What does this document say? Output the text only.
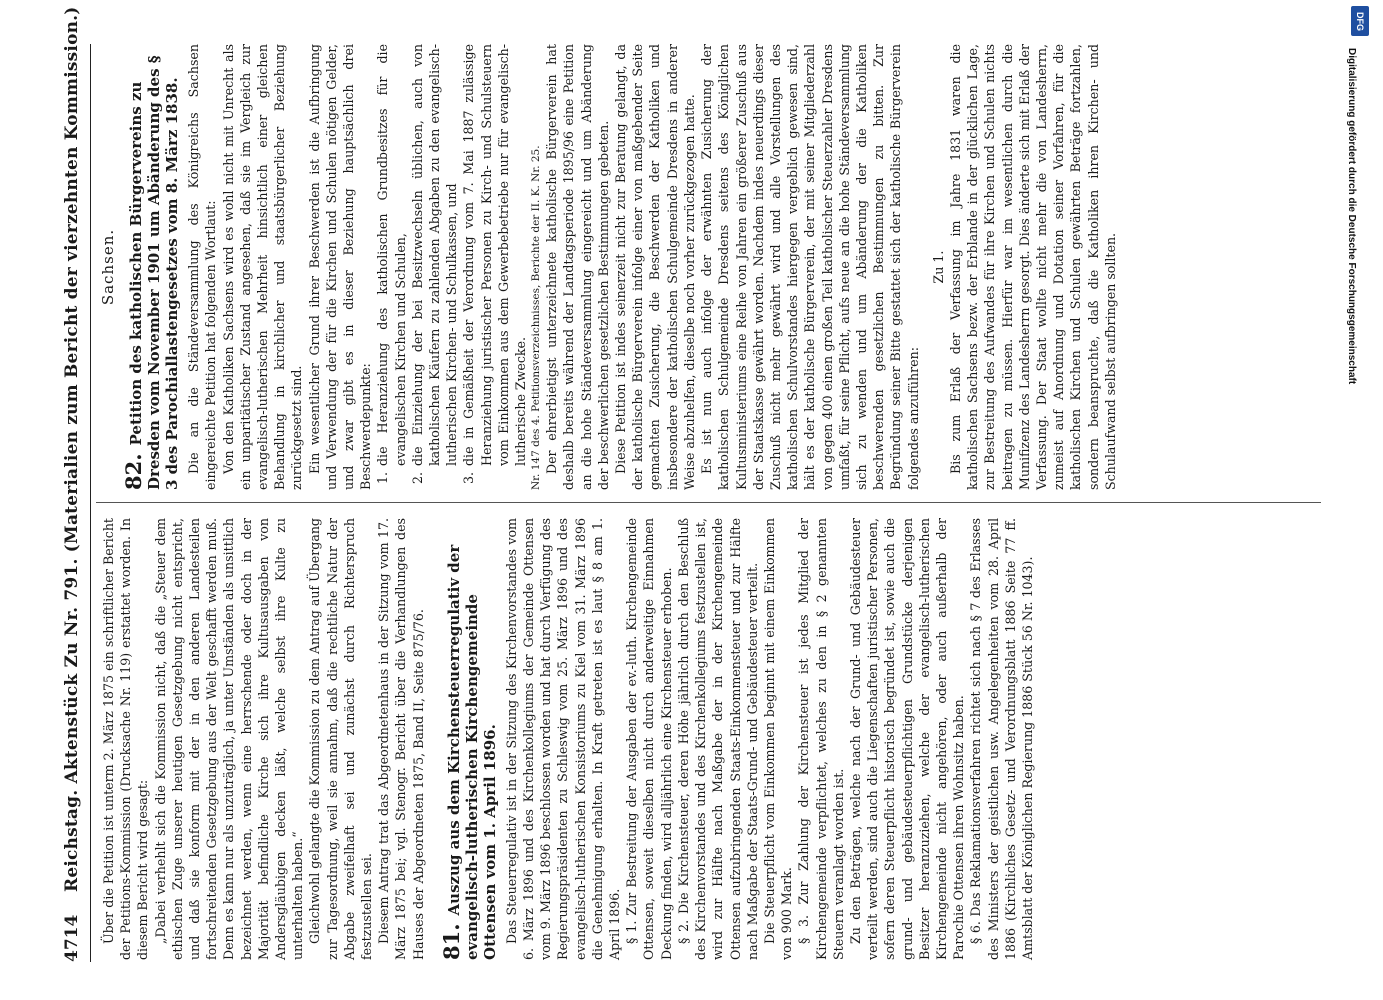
4714
Reichstag. Aktenstück Zu Nr. 791. (Materialien zum Bericht der vierzehnten Kommission.) Über die Petition ist unterm 2. März 1875 ein schriftlicher Bericht der Petitions-Kommission (Drucksache Nr. 119) erstattet worden. In diesem Bericht wird gesagt: „Dabei verhehlt sich die Kommission nicht, daß die „Steuer dem ethischen Zuge unserer heutigen Gesetzgebung nicht entspricht, und daß sie konform mit der in den anderen Landesteilen fortschreitenden Gesetzgebung aus der Welt geschafft werden muß. Denn es kann nur als unzuträglich, ja unter Umständen als unsittlich bezeichnet werden, wenn eine herrschende oder doch in der Majorität befindliche Kirche sich ihre Kultusausgaben von Andersgläubigen decken läßt, welche selbst ihre Kulte zu unterhalten haben.“ Gleichwohl gelangte die Kommission zu dem Antrag auf Übergang zur Tagesordnung, weil sie annahm, daß die rechtliche Natur der Abgabe zweifelhaft sei und zunächst durch Richterspruch festzustellen sei. Diesem Antrag trat das Abgeordnetenhaus in der Sitzung vom 17. März 1875 bei; vgl. Stenogr. Bericht über die Verhandlungen des Hauses der Abgeordneten 1875, Band II, Seite 875/76. 81.Auszug aus dem Kirchensteuerregulativ der evangelisch-lutherischen Kirchengemeinde Ottensen vom 1. April 1896. Das Steuerregulativ ist in der Sitzung des Kirchenvorstandes vom 6. März 1896 und des Kirchenkollegiums der Gemeinde Ottensen vom 9. März 1896 beschlossen worden und hat durch Verfügung des Regierungspräsidenten zu Schleswig vom 25. März 1896 und des evangelisch-lutherischen Konsistoriums zu Kiel vom 31. März 1896 die Genehmigung erhalten. In Kraft getreten ist es laut § 8 am 1. April 1896. § 1. Zur Bestreitung der Ausgaben der ev.-luth. Kirchengemeinde Ottensen, soweit dieselben nicht durch anderweitige Einnahmen Deckung finden, wird alljährlich eine Kirchensteuer erhoben. § 2. Die Kirchensteuer, deren Höhe jährlich durch den Beschluß des Kirchenvorstandes und des Kirchenkollegiums festzustellen ist, wird zur Hälfte nach Maßgabe der in der Kirchengemeinde Ottensen aufzubringenden Staats-Einkommensteuer und zur Hälfte nach Maßgabe der Staats-Grund- und Gebäudesteuer verteilt. Die Steuerpflicht vom Einkommen beginnt mit einem Einkommen von 900 Mark. § 3. Zur Zahlung der Kirchensteuer ist jedes Mitglied der Kirchengemeinde verpflichtet, welches zu den in § 2 genannten Steuern veranlagt worden ist. Zu den Beträgen, welche nach der Grund- und Gebäudesteuer verteilt werden, sind auch die Liegenschaften juristischer Personen, sofern deren Steuerpflicht historisch begründet ist, sowie auch die grund- und gebäudesteuerpflichtigen Grundstücke derjenigen Besitzer heranzuziehen, welche der evangelisch-lutherischen Kirchengemeinde nicht angehören, oder auch außerhalb der Parochie Ottensen ihren Wohnsitz haben. § 6. Das Reklamationsverfahren richtet sich nach § 7 des Erlasses des Ministers der geistlichen usw. Angelegenheiten vom 28. April 1886 (Kirchliches Gesetz- und Verordnungsblatt 1886 Seite 77 ff. Amtsblatt der Königlichen Regierung 1886 Stück 56 Nr. 1043).

Sachsen.
82.Petition des katholischen Bürgervereins zu Dresden vom November 1901 um Abänderung des § 3 des Parochiallastengesetzes vom 8. März 1838. Die an die Ständeversammlung des Königreichs Sachsen eingereichte Petition hat folgenden Wortlaut: Von den Katholiken Sachsens wird es wohl nicht mit Unrecht als ein unparitätischer Zustand angesehen, daß sie im Vergleich zur evangelisch-lutherischen Mehrheit hinsichtlich einer gleichen Behandlung in kirchlicher und staatsbürgerlicher Beziehung zurückgesetzt sind. Ein wesentlicher Grund ihrer Beschwerden ist die Aufbringung und Verwendung der für die Kirchen und Schulen nötigen Gelder, und zwar gibt es in dieser Beziehung hauptsächlich drei Beschwerdepunkte: 1.
die Heranziehung des katholischen Grundbesitzes für die evangelischen Kirchen und Schulen,

2.
die Einziehung der bei Besitzwechseln üblichen, auch von katholischen Käufern zu zahlenden Abgaben zu den evangelisch-lutherischen Kirchen- und Schulkassen, und

3.
die in Gemäßheit der Verordnung vom 7. Mai 1887 zulässige Heranziehung juristischer Personen zu Kirch- und Schulsteuern vom Einkommen aus dem Gewerbebetriebe nur für evangelisch-lutherische Zwecke. Nr. 147 des 4. Petitionsverzeichnisses, Berichte der II. K. Nr. 25. Der ehrerbietigst unterzeichnete katholische Bürgerverein hat deshalb bereits während der Landtagsperiode 1895/96 eine Petition an die hohe Ständeversammlung eingereicht und um Abänderung der beschwerlichen gesetzlichen Bestimmungen gebeten. Diese Petition ist indes seinerzeit nicht zur Beratung gelangt, da der katholische Bürgerverein infolge einer von maßgebender Seite gemachten Zusicherung, die Beschwerden der Katholiken und insbesondere der katholischen Schulgemeinde Dresdens in anderer Weise abzuhelfen, dieselbe noch vorher zurückgezogen hatte. Es ist nun auch infolge der erwähnten Zusicherung der katholischen Schulgemeinde Dresdens seitens des Königlichen Kultusministeriums eine Reihe von Jahren ein größerer Zuschuß aus der Staatskasse gewährt worden. Nachdem indes neuerdings dieser Zuschuß nicht mehr gewährt wird und alle Vorstellungen des katholischen Schulvorstandes hiergegen vergeblich gewesen sind, hält es der katholische Bürgerverein, der mit seiner Mitgliederzahl von gegen 400 einen großen Teil katholischer Steuerzahler Dresdens umfaßt, für seine Pflicht, aufs neue an die hohe Ständeversammlung sich zu wenden und um Abänderung der die Katholiken beschwerenden gesetzlichen Bestimmungen zu bitten. Zur Begründung seiner Bitte gestattet sich der katholische Bürgerverein folgendes anzuführen:

Zu 1. Bis zum Erlaß der Verfassung im Jahre 1831 waren die katholischen Sachsens bezw. der Erblande in der glücklichen Lage, zur Bestreitung des Aufwandes für ihre Kirchen und Schulen nichts beitragen zu müssen. Hierfür war im wesentlichen durch die Munifizenz des Landesherrn gesorgt. Dies änderte sich mit Erlaß der Verfassung. Der Staat wollte nicht mehr die von Landesherrn, zumeist auf Anordnung und Dotation seiner Vorfahren, für die katholischen Kirchen und Schulen gewährten Beträge fortzahlen, sondern beanspruchte, daß die Katholiken ihren Kirchen- und Schulaufwand selbst aufbringen sollten.	Digitalisierung gefördert durch die Deutsche Forschungsgemeinschaft
DFG
